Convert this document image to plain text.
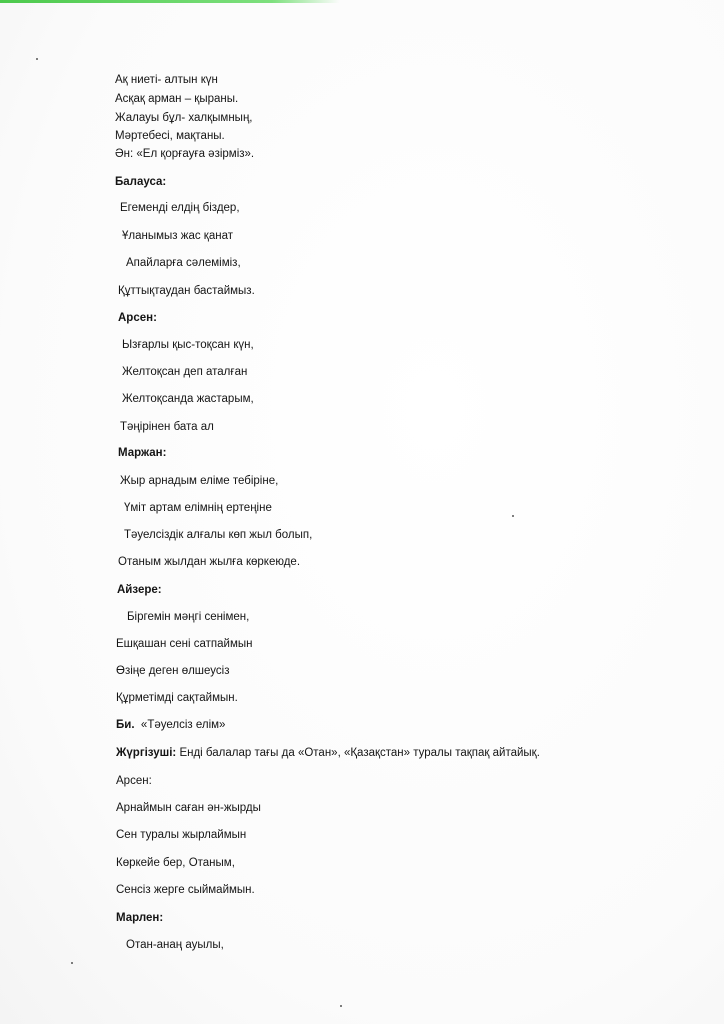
Ақ ниеті- алтын күн
Асқақ арман – қыраны.
Жалауы бұл- халқымның,
Мәртебесі, мақтаны.
Ән: «Ел қорғауға әзірміз».
Балауса:
Егемендi елдің біздер,
Ұланымыз жас қанат
Апайларға сәлеміміз,
Құттықтаудан бастаймыз.
Арсен:
Ызғарлы қыс-тоқсан күн,
Желтоқсан деп аталған
Желтоқсанда жастарым,
Тәңірінен бата ал
Маржан:
Жыр арнадым еліме тебіріне,
Үміт артам елімнің ертеңіне
Тәуелсіздік алғалы көп жыл болып,
Отаным жылдан жылға көркеюде.
Айзере:
Біргемін мәңгі сенімен,
Ешқашан сені сатпаймын
Өзіңе деген өлшеусіз
Құрметімді сақтаймын.
Би. «Тәуелсіз елім»
Жүргізуші: Енді балалар тағы да «Отан», «Қазақстан» туралы тақпақ айтайық.
Арсен:
Арнаймын саған ән-жырды
Сен туралы жырлаймын
Көркейе бер, Отаным,
Сенсіз жерге сыймаймын.
Марлен:
Отан-анаң ауылы,
